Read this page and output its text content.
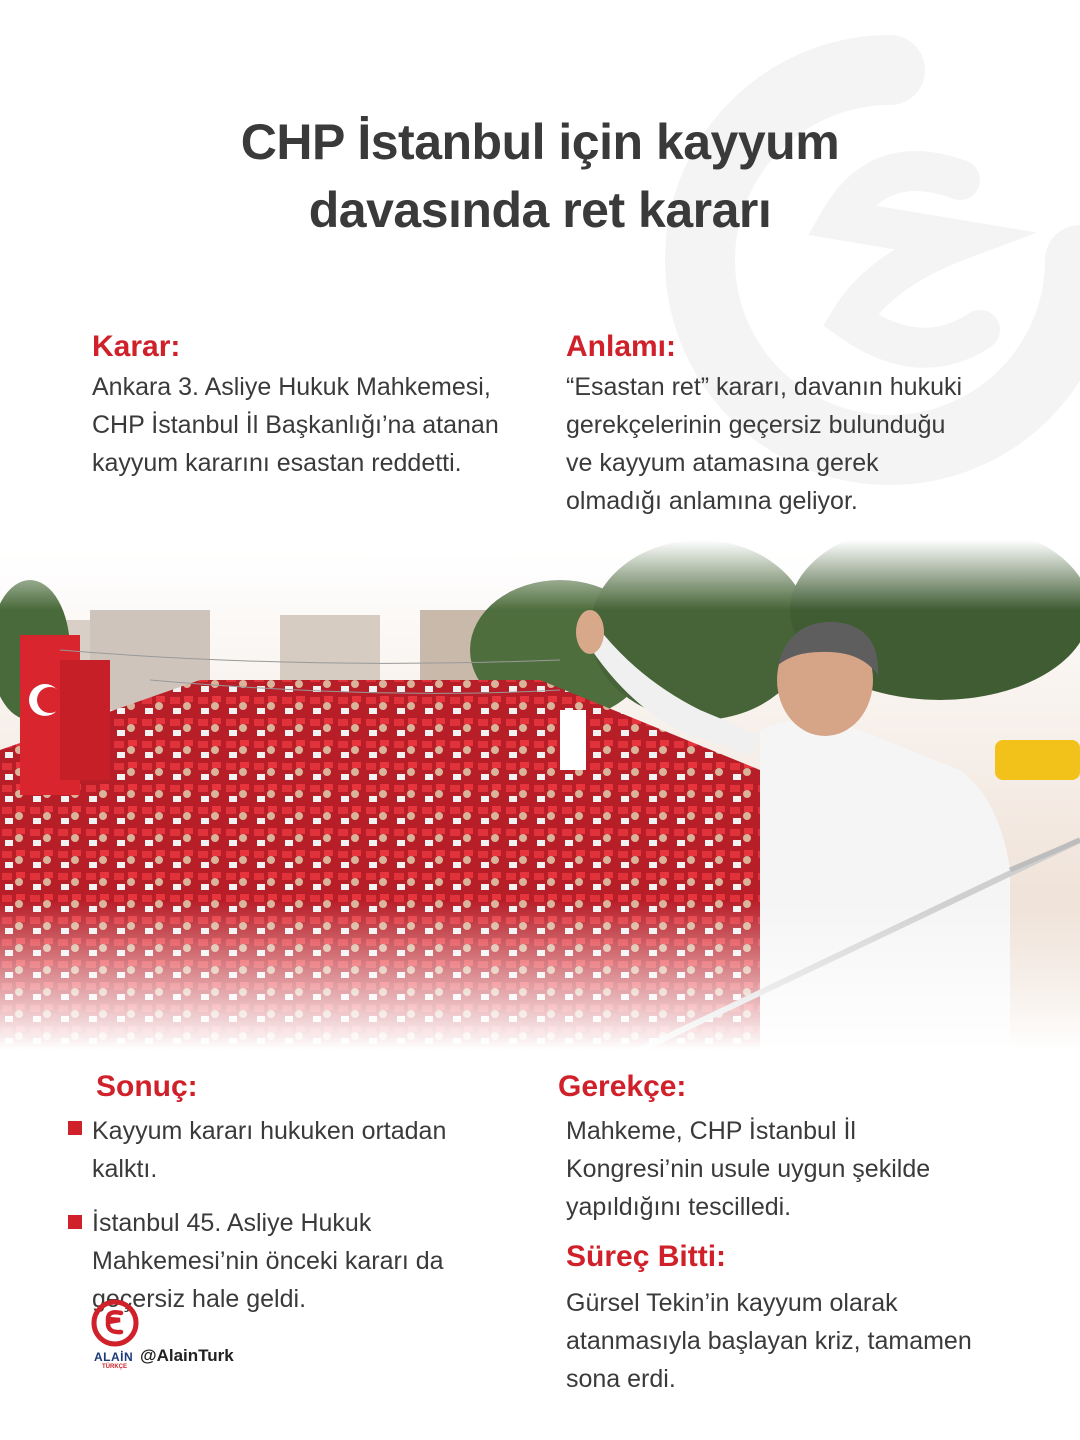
CHP İstanbul için kayyum
davasında ret kararı
Karar:
Ankara 3. Asliye Hukuk Mahkemesi,
CHP İstanbul İl Başkanlığı’na atanan
kayyum kararını esastan reddetti.
Anlamı:
“Esastan ret” kararı, davanın hukuki
gerekçelerinin geçersiz bulunduğu
ve kayyum atamasına gerek
olmadığı anlamına geliyor.
Sonuç:
Kayyum kararı hukuken ortadan
kalktı.
İstanbul 45. Asliye Hukuk
Mahkemesi’nin önceki kararı da
geçersiz hale geldi.
Gerekçe:
Mahkeme, CHP İstanbul İl
Kongresi’nin usule uygun şekilde
yapıldığını tescilledi.
Süreç Bitti:
Gürsel Tekin’in kayyum olarak
atanmasıyla başlayan kriz, tamamen
sona erdi.
ALAİN
TÜRKÇE
@AlainTurk
